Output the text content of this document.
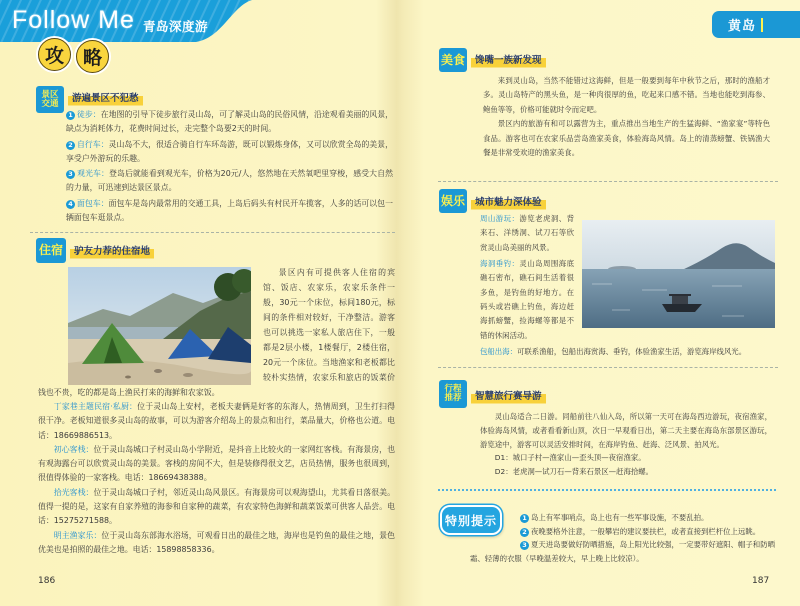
Follow Me 青岛深度游
攻 略
景区
交通	游遍景区不犯愁

1 徒步：在地图的引导下徒步旅行灵山岛，可了解灵山岛的民俗风情，沿途观看美丽的风景，缺点为消耗体力，花费时间过长，走完整个岛要2天的时间。

2 自行车：灵山岛不大，很适合骑自行车环岛游，既可以锻炼身体，又可以欣赏全岛的美景，享受户外游玩的乐趣。

3 观光车：登岛后就能看到观光车，价格为20元/人，悠然地在天然氧吧里穿梭，感受大自然的力量，可迅速到达景区景点。

4 面包车：面包车是岛内最常用的交通工具，上岛后码头有村民开车揽客，人多的话可以包一辆面包车逛景点。

住宿	驴友力荐的住宿地

景区内有可提供客人住宿的宾馆、饭店、农家乐，农家乐条件一般，30元一个床位，标间180元，标间的条件相对较好，干净整洁。游客也可以挑选一家私人旅店住下，一般都是2层小楼，1楼餐厅，2楼住宿，20元一个床位。当地渔家和老板都比较朴实热情，农家乐和旅店的饭菜价钱也不贵，吃的都是岛上渔民打来的海鲜和农家饭。

丁家巷主题民宿·私厨：位于灵山岛上安村，老板夫妻俩是好客的东海人，热情周到，卫生打扫得很干净。老板知道很多灵山岛的故事，可以为游客介绍岛上的景点和出行，菜品量大，价格也公道。电话：18669886513。

初心客栈：位于灵山岛城口子村灵山岛小学附近，是抖音上比较火的一家网红客栈。有海景房，也有观海露台可以欣赏灵山岛的美景。客栈的房间不大，但是装修得很文艺，店员热情，服务也很周到，很值得体验的一家客栈。电话：18669438388。

拾光客栈：位于灵山岛城口子村，邻近灵山岛风景区。有海景房可以观海望山，尤其看日落很美。值得一提的是，这家有自家养殖的海参和自家种的蔬菜，有农家特色海鲜和蔬菜饭菜可供客人品尝。电话：15275271588。

明主渔家乐：位于灵山岛东部海水浴场，可观看日出的最佳之地，海岸也是钓鱼的最佳之地，景色优美也是拍照的最佳之地。电话：15898858336。

186
黄岛
美食	馋嘴一族新发现

来到灵山岛，当然不能错过这海鲜，但是一般要到每年中秋节之后，那时的渔船才多。灵山岛特产的黑头鱼，是一种肉很厚的鱼，吃起来口感不错。当地也能吃到海参、鲍鱼等等，价格可能就时令而定吧。

景区内的旅游有和可以露营为主，重点推出当地生产的生猛海鲜、“渔家宴”等特色食品。游客也可在农家乐品尝岛渔家美食，体验海岛风情。岛上的清蒸螃蟹、铁锅渔大餐是非常受欢迎的渔家美食。

娱乐	城市魅力深体验

周山游玩：游览老虎洞、背来石、洋绣洞、试刀石等欣赏灵山岛美丽的风景。

海洞垂钓：灵山岛周围海底礁石密布，礁石间生活着很多鱼，是钓鱼的好地方。在码头或岩礁上钓鱼，海边赶海抓螃蟹，捡海螺等都是不错的休闲活动。

包船出海：可联系渔船，包船出海赏海、垂钓，体验渔家生活，游览海岸线风光。

行程
推荐	智慧旅行赛导游

灵山岛适合二日游。同船前往八仙入岛，所以第一天可在海岛西边游玩，夜宿渔家，体验海岛风情，或者看看新山顶，次日一早观看日出，第二天主要在海岛东部景区游玩，游览途中，游客可以灵活安排时间，在海岸钓鱼、赶海、泛风景、拍风光。

D1：城口子村—渔家山—歪头顶—夜宿渔家。

D2：老虎洞—试刀石—背来石景区—赶海拾螺。

特别提示	1 岛上有军事哨点，岛上也有一些军事设施，不要乱拍。

2 夜晚要格外注意，一般攀岩的建议要扶栏，或者直接到栏杆位上远眺。

3 夏天进岛要做好防晒措施，岛上阳光比较强，一定要带好遮阳、帽子和防晒霜、轻薄的衣服（早晚温差较大，早上晚上比较凉）。

187
